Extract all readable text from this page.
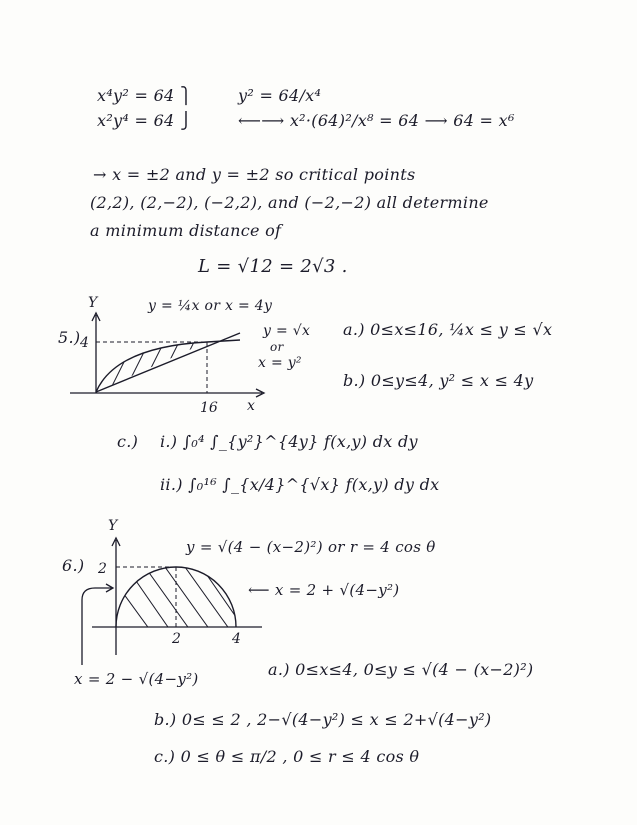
x⁴y² = 64 ⎫
x²y⁴ = 64 ⎭
y² = 64/x⁴
⟵⟶ x²·(64)²/x⁸ = 64 ⟶ 64 = x⁶
→ x = ±2 and y = ±2 so critical points
(2,2), (2,−2), (−2,2), and (−2,−2) all determine
a minimum distance of
L = √12 = 2√3 .
5.)
y = ¼x or x = 4y
y = √x
or
x = y²
a.) 0≤x≤16, ¼x ≤ y ≤ √x
b.) 0≤y≤4, y² ≤ x ≤ 4y
c.) i.) ∫₀⁴ ∫_{y²}^{4y} f(x,y) dx dy
ii.) ∫₀¹⁶ ∫_{x/4}^{√x} f(x,y) dy dx
Y
x
4
16
6.)
y = √(4 − (x−2)²) or r = 4 cos θ
⟵ x = 2 + √(4−y²)
x = 2 − √(4−y²)	a.) 0≤x≤4, 0≤y ≤ √(4 − (x−2)²)
b.) 0≤ ≤ 2 , 2−√(4−y²) ≤ x ≤ 2+√(4−y²)
c.) 0 ≤ θ ≤ π/2 , 0 ≤ r ≤ 4 cos θ
Y
2
2	4
